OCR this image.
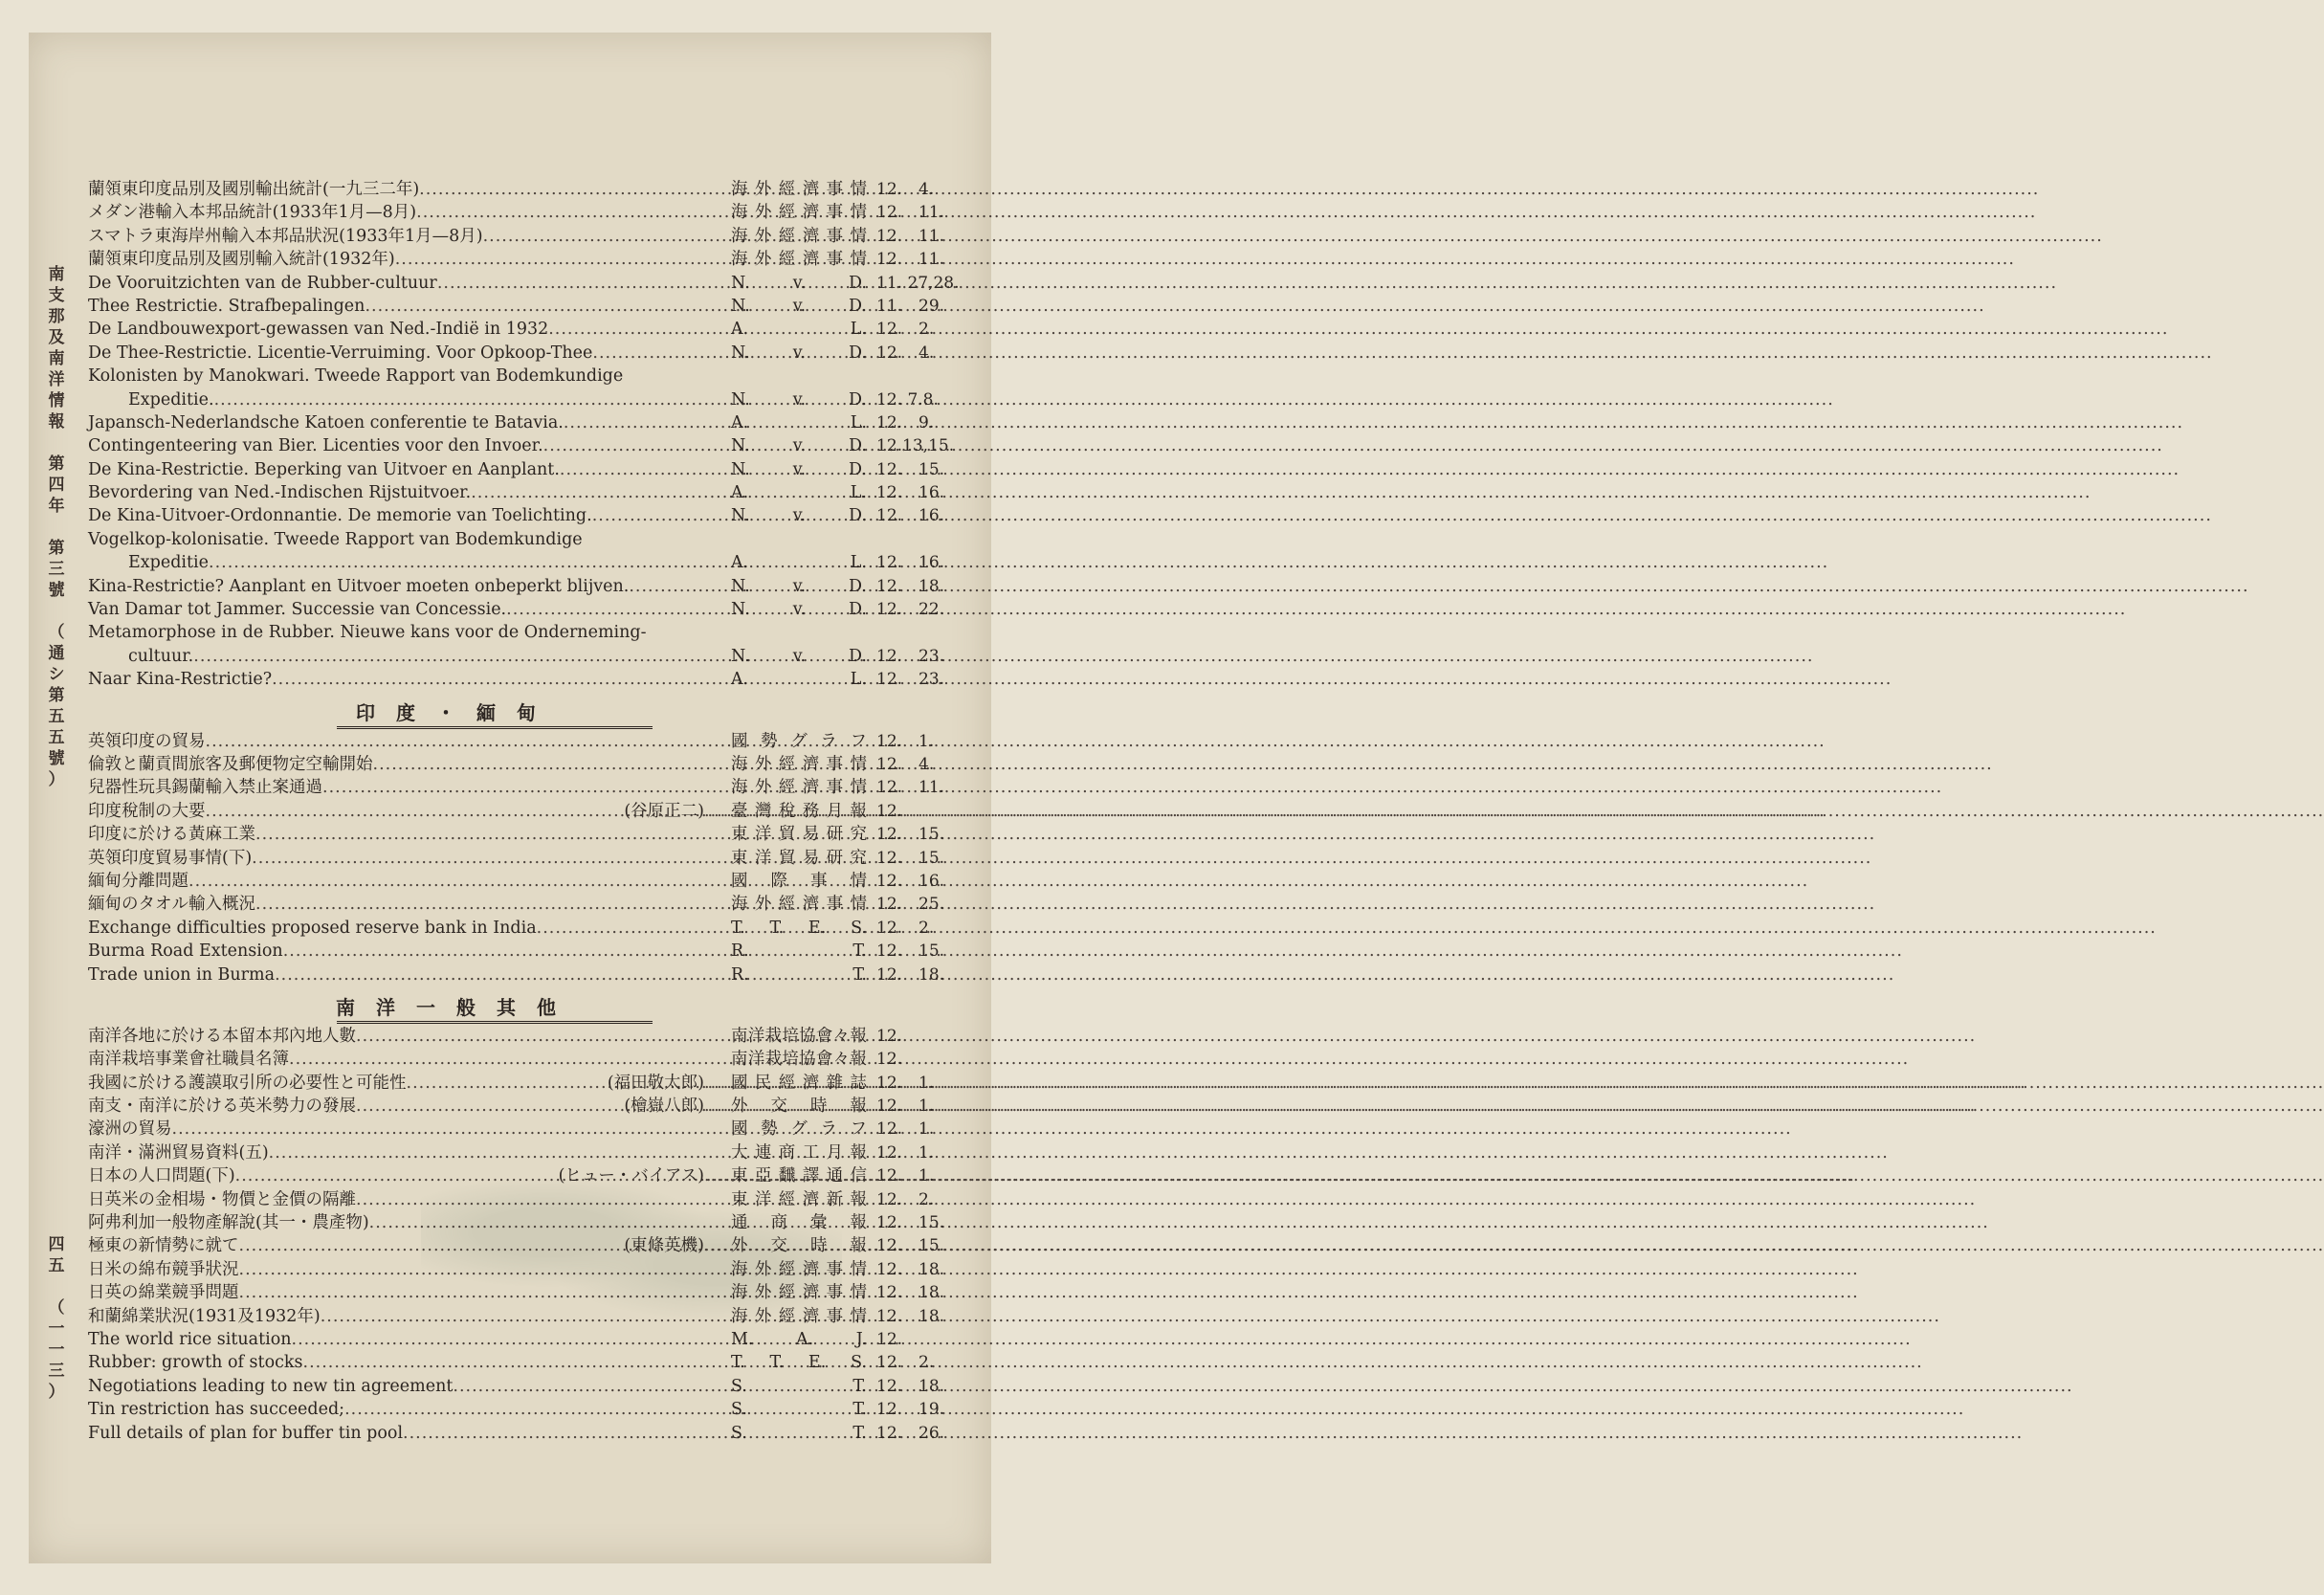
南
支
那
及
南
洋
情
報
第
四
年
第
三
號
（
通
シ
第
五
五
號
）
四
五
（
一
一
三
）
蘭領東印度品別及國別輸出統計(一九三二年) .....	海外經濟事情 12.　4.
メダン港輸入本邦品統計(1933年1月—8月) .....	海外經濟事情 12.　11.
スマトラ東海岸州輸入本邦品狀況(1933年1月—8月) .....	海外經濟事情 12.　11.
蘭領東印度品別及國別輸入統計(1932年) .....	海外經濟事情 12.　11.
De Vooruitzichten van de Rubber-cultuur .....	N.　v.　D. 11. 27,28.
Thee Restrictie. Strafbepalingen .....	N.　v.　D. 11.　29.
De Landbouwexport-gewassen van Ned.-Indië in 1932 .....	A.　　L. 12.　2.
De Thee-Restrictie. Licentie-Verruiming. Voor Opkoop-Thee .....	N.　v.　D. 12.　4.
Kolonisten by Manokwari. Tweede Rapport van Bodemkundige
Expeditie. .....	N.　v.　D. 12. 7.8.
Japansch-Nederlandsche Katoen conferentie te Batavia. .....	A.　　L. 12.　9.
Contingenteering van Bier. Licenties voor den Invoer. .....	N.　v.　D. 12.13,15.
De Kina-Restrictie. Beperking van Uitvoer en Aanplant. .....	N.　v.　D. 12.　15.
Bevordering van Ned.-Indischen Rijstuitvoer. .....	A.　　L. 12.　16.
De Kina-Uitvoer-Ordonnantie. De memorie van Toelichting. .....	N.　v.　D. 12.　16.
Vogelkop-kolonisatie. Tweede Rapport van Bodemkundige
Expeditie .....	A.　　L. 12.　16.
Kina-Restrictie? Aanplant en Uitvoer moeten onbeperkt blijven. .....	N.　v.　D. 12.　18.
Van Damar tot Jammer. Successie van Concessie. .....	N.　v.　D. 12.　22.
Metamorphose in de Rubber. Nieuwe kans voor de Onderneming-
cultuur. .....	N.　v.　D. 12.　23.
Naar Kina-Restrictie? .....	A.　　L. 12.　23.
印度・緬甸
英領印度の貿易 .....	國勢グラフ 12.　1.
倫敦と蘭貢間旅客及郵便物定空輸開始 .....	海外經濟事情 12.　4.
兒器性玩具錫蘭輸入禁止案通過 .....	海外經濟事情 12.　11.
印度稅制の大要 .....	(谷原正二) ..... 臺灣稅務月報 12.
印度に於ける黃麻工業 .....	東洋貿易研究 12.　15.
英領印度貿易事情(下) .....	東洋貿易研究 12.　15.
緬甸分離問題 .....	國際事情 12.　16.
緬甸のタオル輸入概況 .....	海外經濟事情 12.　25.
Exchange difficulties proposed reserve bank in India .....	T.　T.　E.　S. 12.　2.
Burma Road Extension .....	R.　　T. 12.　15.
Trade union in Burma .....	R.　　T. 12.　18.
南洋一般其他
南洋各地に於ける本留本邦內地人數 .....	南洋栽培協會々報 12.
南洋栽培事業會社職員名簿 .....	南洋栽培協會々報 12.
我國に於ける護謨取引所の必要性と可能性 .....	(福田敬太郎) ..... 國民經濟雜誌 12.　1.
南支・南洋に於ける英米勢力の發展 .....	(檜嶽八郎) ..... 外交時報 12.　1.
濠洲の貿易 .....	國勢グラフ 12.　1.
南洋・滿洲貿易資料(五) .....	大連商工月報 12.　1.
日本の人口問題(下) .....	(ヒュー・バイアス) ..... 東亞飜譯通信 12.　1.
日英米の金相場・物價と金價の隔離 .....	東洋經濟新報 12.　2.
阿弗利加一般物產解說(其一・農產物) .....	通商彙報 12.　15.
極東の新情勢に就て .....	(東條英機) ..... 外交時報 12.　15.
日米の綿布競爭狀況 .....	海外經濟事情 12.　18.
日英の綿業競爭問題 .....	海外經濟事情 12.　18.
和蘭綿業狀況(1931及1932年) .....	海外經濟事情 12.　18.
The world rice situation .....	M.　A.　J. 12.
Rubber: growth of stocks .....	T.　T.　E.　S. 12.　2.
Negotiations leading to new tin agreement .....	S.　　T. 12.　18.
Tin restriction has succeeded; .....	S.　　T. 12.　19.
Full details of plan for buffer tin pool .....	S.　　T. 12.　26.
